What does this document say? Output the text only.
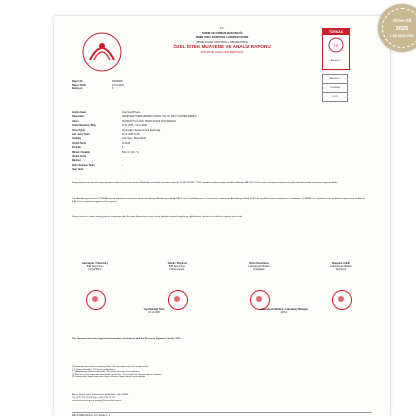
T.C.
TARIM VE ORMAN BAKANLIĞI
İZMİR GIDA KONTROL LABORATUVARI
(IZMIR FOOD CONTROL LABORATORY)
ÖZEL İSTEK MUAYENE VE ANALİZ RAPORU
(PRIVATE ANALYSIS REPORT)
TÜRKAK
TS
AB-0615-T
AB-0615-T
25209948
12.25
Rapor No	25209948
Rapor Tarihi	13.11.2025
Revizyon	0
Analiz Amacı	Özel İstek/Private
Talep Eden	ANDEVLER TARIM ORMANCI SANAYİ VE TİC.MET.T.LİMİTED ŞİRKETİ
Adres	KÜPRÜKÖYLÜ MAH. PINAR SOKAK NO:8 MANİSA
Analiz Başlama / Bitiş	07.11.2025 - 13.11.2025
Cinsi (Type)	Zeytinyağı / Natürel Sızma Zeytinyağı
Lab. Geliş Tarihi	07.11.2025 12:30
Ambalaj	Cam Şişe / Glass Bottle
Üretim Tarihi	11.2025
Parti No	2
Miktarı / Sıcaklık	500 ml / 20,1 °C
Üretici Firma	-
Markası	-
Şekil, Numune Tarihi	-
Alan Taraf	-
Deney laboratuvarı olarak faaliyet gösteren Gıda Kontrol Laboratuvarı Müdürlüğü tarafından yürütülen analizler TS EN ISO/IEC 17025 standardı şartlarına göre akredite edilmiştir. (AB-0615-T) Bu rapor, numunenin laboratuvara geliş halindeki analiz sonuçlarını kapsamaktadır.
Türk Akreditasyon Kurumu (TÜRKAK) deney raporlarının tanınması konusunda Avrupa Akreditasyon Birliği (EA) ile Çok Taraflı Anlaşma ve Uluslararası Laboratuvar Akreditasyon Birliği (ILAC) ile karşılıklı tanınma anlaşmasını imzalamıştır. (TÜRKAK is a signatory to the multilateral agreements of EA and ILAC for the mutual recognition of test reports.)
Deney sonuçları sadece deneyi yapılan numuneye aittir. Bu rapor laboratuvarın yazılı onayı olmadan kısmen kopyalanıp çoğaltılamaz. İmzasız ve mühürsüz raporlar geçersizdir.
Hazırlayan / Chemistry
Bitki Sorumlusu
Kimya Birimi
Teknik / Physical
Bitki Sorumlusu
Fiziksel Analiz
Birim Sorumlusu
Laboratuvar Müdürü
Onaylayan
Muayene Yetkili
Laboratuvar Müdürü
Approved
Yayımlandığı Tarih
13.11.2025
Laboratuvar Müdürü / Laboratory Manager
Mühür
This document has been signed electronically in accordance with the Electronic Signature Law No. 5070
(*) Analiz sonuçları yalnızca numuneye aittir. / Results relate only to the sample tested.
(**) Ölçüm belirsizliği ± %95 güven aralığındadır.
(***) Akreditasyon kapsamı dışındadır. / Not within the scope of accreditation.
(1) Numune müşteri tarafından laboratuvara getirilmiştir. / The sample was delivered by the customer.
(2) Laboratuvara ulaşan numunenin kabul kriterlerine uygun olduğu tespit edilmiştir.
Adres: Gıda Kontrol Laboratuvarı Müdürlüğü, Çiğli / İZMİR
Tel: 0232 376 XX XX Faks: 0232 376 XX XX
www.tarimorman.gov.tr izmirgkl@tarimorman.gov.tr
DEY-FORM-26 Rev. 01 | Sayfa 1 / 1
Olive Oil
2025
LAB ANALYSIS
